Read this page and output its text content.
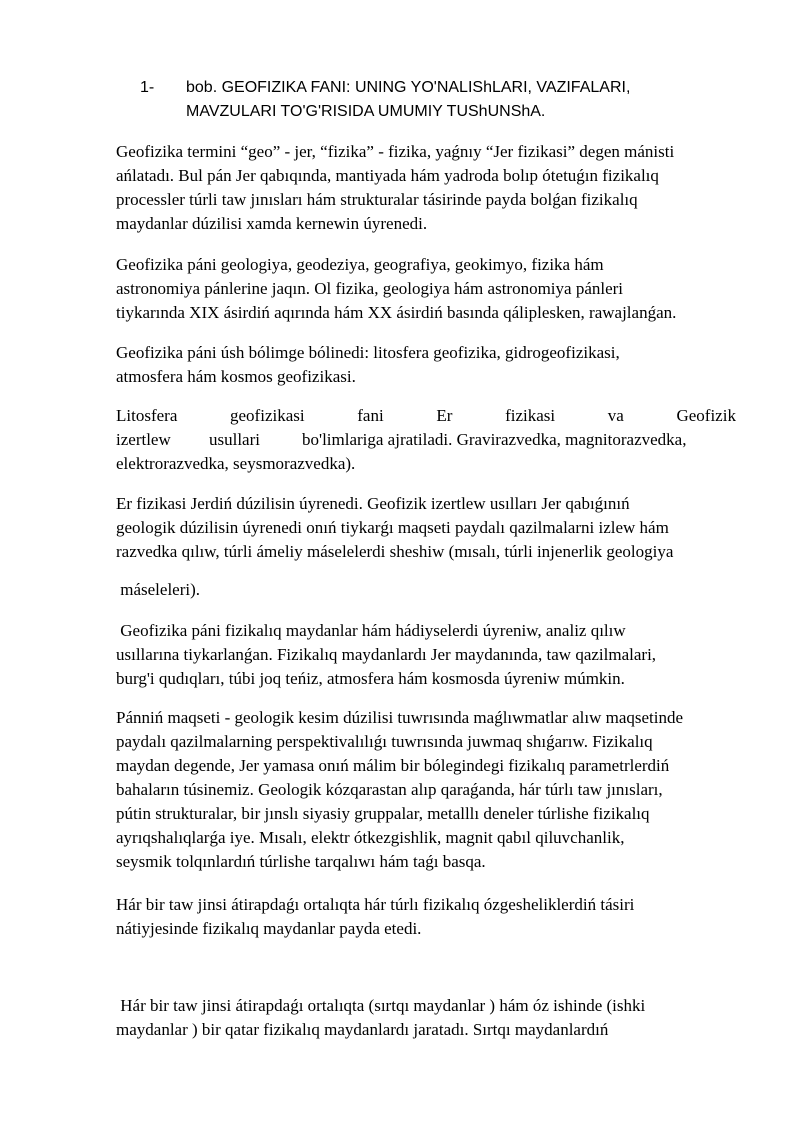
1- bob. GEOFIZIKA FANI: UNING YO'NALIShLARI, VAZIFALARI,
MAVZULARI TO'G'RISIDA UMUMIY TUShUNShA.
Geofizika termini “geo” - jer, “fizika” - fizika, yaǵnıy “Jer fizikasi” degen mánisti
ańlatadı. Bul pán Jer qabıqında, mantiyada hám yadroda bolıp ótetuǵın fizikalıq
processler túrli taw jınısları hám strukturalar tásirinde payda bolǵan fizikalıq
maydanlar dúzilisi xamda kernewin úyrenedi.
Geofizika páni geologiya, geodeziya, geografiya, geokimyo, fizika hám
astronomiya pánlerine jaqın. Ol fizika, geologiya hám astronomiya pánleri
tiykarında XIX ásirdiń aqırında hám XX ásirdiń basında qáliplesken, rawajlanǵan.
Geofizika páni úsh bólimge bólinedi: litosfera geofizika, gidrogeofizikasi,
atmosfera hám kosmos geofizikasi.
Litosfera	geofizikasi	fani	Er	fizikasi	va	Geofizik
izertlew usullari bo'limlariga ajratiladi. Gravirazvedka, magnitorazvedka,
elektrorazvedka, seysmorazvedka).
Er fizikasi Jerdiń dúzilisin úyrenedi. Geofizik izertlew usılları Jer qabıǵınıń
geologik dúzilisin úyrenedi onıń tiykarǵı maqseti paydalı qazilmalarni izlew hám
razvedka qılıw, túrli ámeliy máselelerdi sheshiw (mısalı, túrli injenerlik geologiya
máseleleri).
Geofizika páni fizikalıq maydanlar hám hádiyselerdi úyreniw, analiz qılıw
usıllarına tiykarlanǵan. Fizikalıq maydanlardı Jer maydanında, taw qazilmalari,
burg'i qudıqları, túbi joq teńiz, atmosfera hám kosmosda úyreniw múmkin.
Pánniń maqseti - geologik kesim dúzilisi tuwrısında maǵlıwmatlar alıw maqsetinde
paydalı qazilmalarning perspektivalılıǵı tuwrısında juwmaq shıǵarıw. Fizikalıq
maydan degende, Jer yamasa onıń málim bir bólegindegi fizikalıq parametrlerdiń
bahaların túsinemiz. Geologik kózqarastan alıp qaraǵanda, hár túrlı taw jınısları,
pútin strukturalar, bir jınslı siyasiy gruppalar, metalllı deneler túrlishe fizikalıq
ayrıqshalıqlarǵa iye. Mısalı, elektr ótkezgishlik, magnit qabıl qiluvchanlik,
seysmik tolqınlardıń túrlishe tarqalıwı hám taǵı basqa.
Hár bir taw jinsi átirapdaǵı ortalıqta hár túrlı fizikalıq ózgesheliklerdiń tásiri
nátiyjesinde fizikalıq maydanlar payda etedi.
Hár bir taw jinsi átirapdaǵı ortalıqta (sırtqı maydanlar ) hám óz ishinde (ishki
maydanlar ) bir qatar fizikalıq maydanlardı jaratadı. Sırtqı maydanlardıń
